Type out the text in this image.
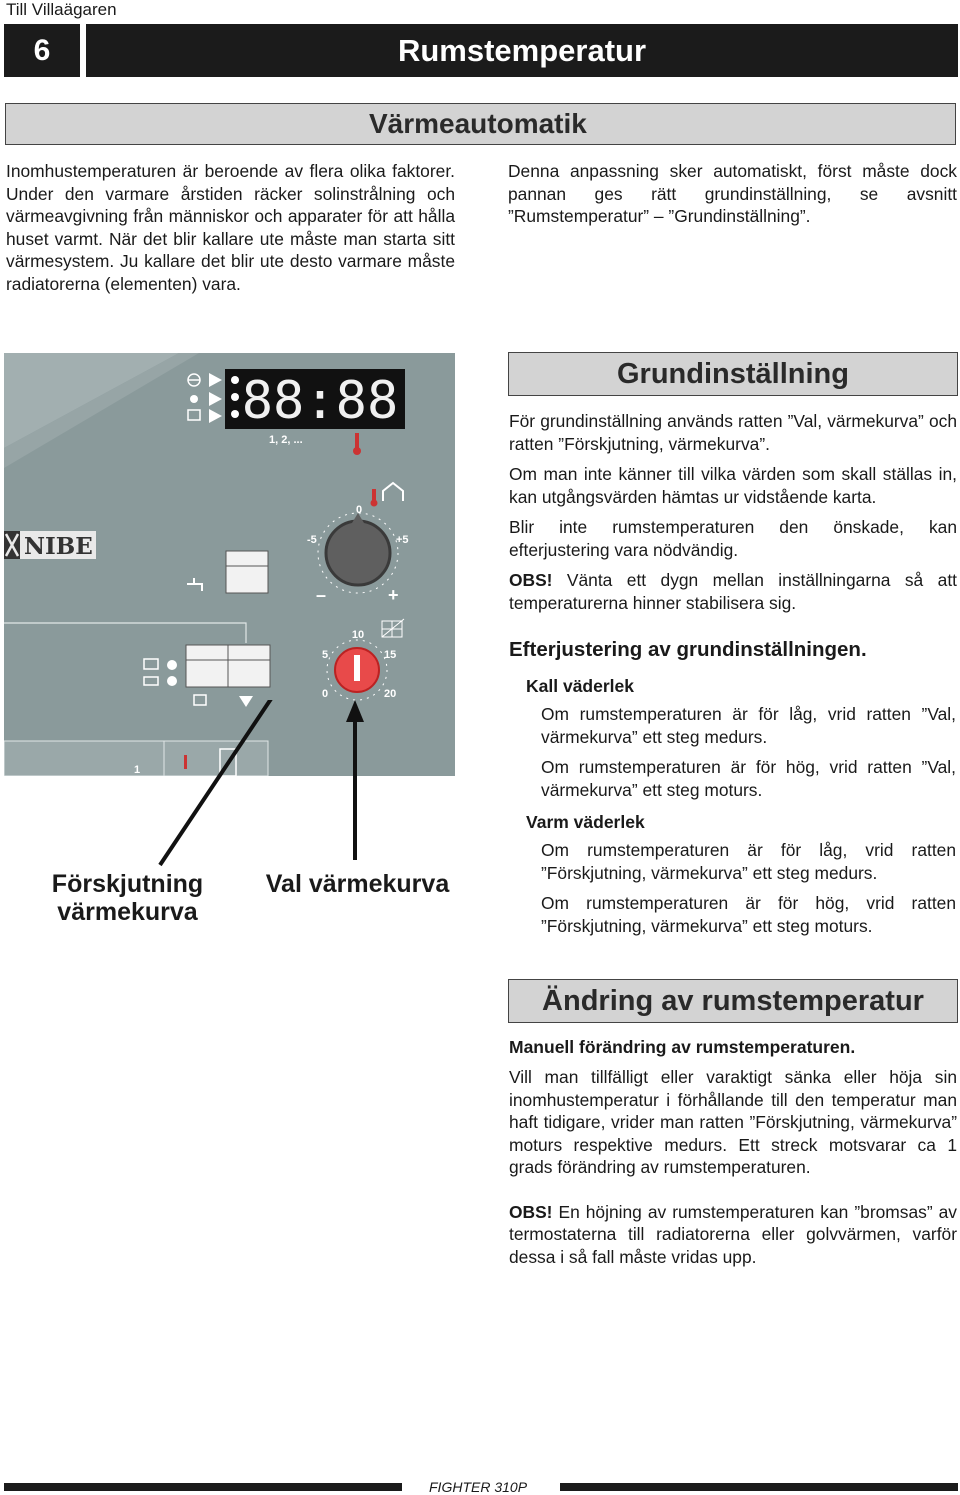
Till Villaägaren
6	Rumstemperatur
Värmeautomatik

Inomhustemperaturen är beroende av flera olika faktorer. Under den varmare årstiden räcker solinstrålning och värmeavgivning från människor och apparater för att hålla huset varmt. När det blir kallare ute måste man starta sitt värmesystem. Ju kallare det blir ute desto varmare måste radiatorerna (elementen) vara.

Denna anpassning sker automatiskt, först måste dock pannan ges rätt grundinställning, se avsnitt ”Rumstemperatur” – ”Grundinställning”.

88:88
1, 2, ...
NIBE
0
-5	+5
–	+
10
5	15
0	20
1
Förskjutning
värmekurva
Val värmekurva
Grundinställning

För grundinställning används ratten ”Val, värmekurva” och ratten ”Förskjutning, värmekurva”.

Om man inte känner till vilka värden som skall ställas in, kan utgångsvärden hämtas ur vidstående karta.

Blir inte rumstemperaturen den önskade, kan efterjustering vara nödvändig.

OBS! Vänta ett dygn mellan inställningarna så att temperaturerna hinner stabilisera sig.

Efterjustering av grundinställningen.
Kall väderlek

Om rumstemperaturen är för låg, vrid ratten ”Val, värmekurva” ett steg medurs.

Om rumstemperaturen är för hög, vrid ratten ”Val, värmekurva” ett steg moturs.

Varm väderlek

Om rumstemperaturen är för låg, vrid ratten ”Förskjutning, värmekurva” ett steg medurs.

Om rumstemperaturen är för hög, vrid ratten ”Förskjutning, värmekurva” ett steg moturs.

Ändring av rumstemperatur
Manuell förändring av rumstemperaturen.

Vill man tillfälligt eller varaktigt sänka eller höja sin inomhustemperatur i förhållande till den temperatur man haft tidigare, vrider man ratten ”Förskjutning, värmekurva” moturs respektive medurs. Ett streck motsvarar ca 1 grads förändring av rumstemperaturen.

OBS! En höjning av rumstemperaturen kan ”bromsas” av termostaterna till radiatorerna eller golvvärmen, varför dessa i så fall måste vridas upp.

FIGHTER 310P
